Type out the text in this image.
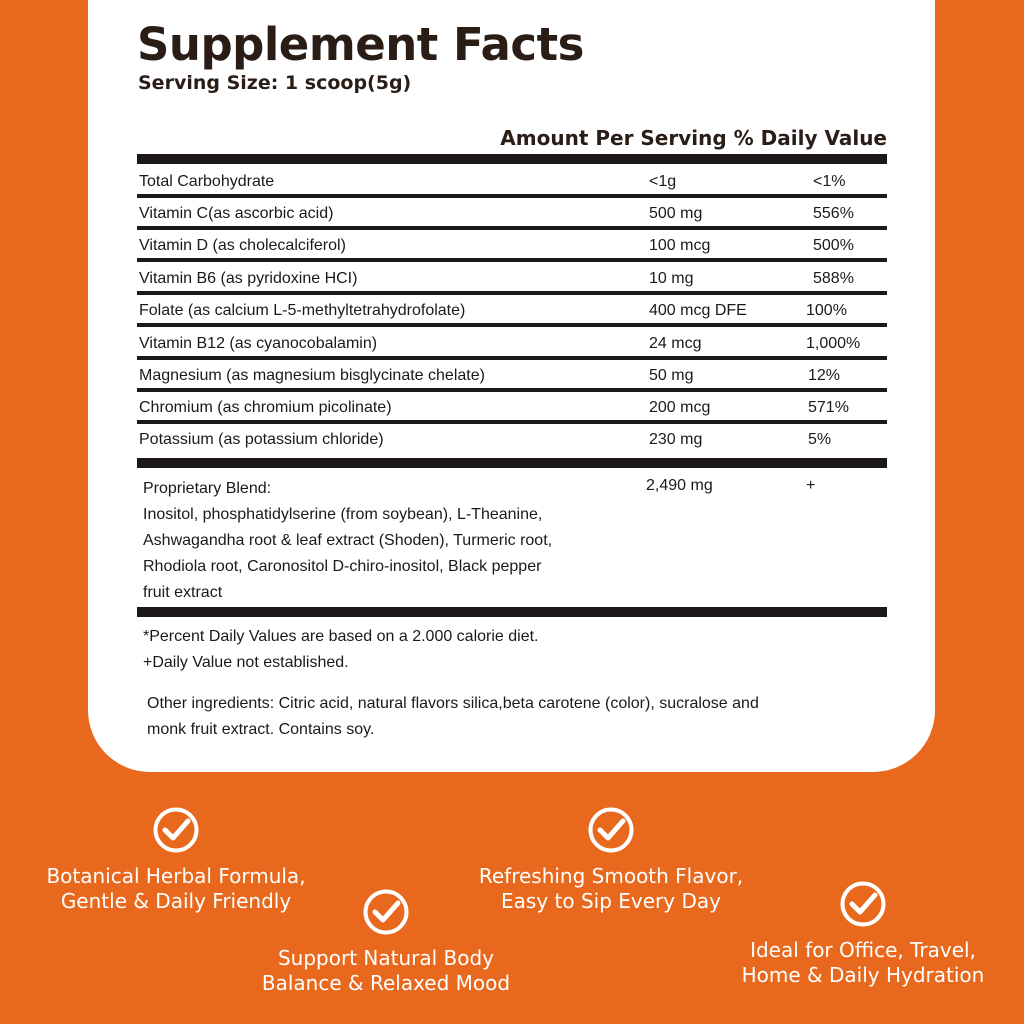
Supplement Facts
Serving Size: 1 scoop(5g)
Amount Per Serving % Daily Value
Total Carbohydrate	<1g	<1%
Vitamin C(as ascorbic acid)	500 mg	556%
Vitamin D (as cholecalciferol)	100 mcg	500%
Vitamin B6 (as pyridoxine HCI)	10 mg	588%
Folate (as calcium L-5-methyltetrahydrofolate)	400 mcg DFE	100%
Vitamin B12 (as cyanocobalamin)	24 mcg	1,000%
Magnesium (as magnesium bisglycinate chelate)	50 mg	12%
Chromium (as chromium picolinate)	200 mcg	571%
Potassium (as potassium chloride)	230 mg	5%
Proprietary Blend:
Inositol, phosphatidylserine (from soybean), L-Theanine,
Ashwagandha root & leaf extract (Shoden), Turmeric root,
Rhodiola root, Caronositol D-chiro-inositol, Black pepper
fruit extract
2,490 mg	+
*Percent Daily Values are based on a 2.000 calorie diet.
+Daily Value not established.
Other ingredients: Citric acid, natural flavors silica,beta carotene (color), sucralose and
monk fruit extract. Contains soy.
Botanical Herbal Formula,
Gentle & Daily Friendly
Support Natural Body
Balance & Relaxed Mood
Refreshing Smooth Flavor,
Easy to Sip Every Day
Ideal for Office, Travel,
Home & Daily Hydration
